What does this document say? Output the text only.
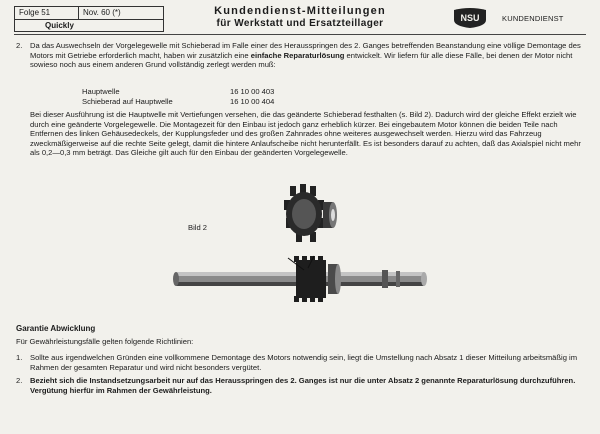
Folge 51	Nov. 60 (*)
Quickly
Kundendienst-Mitteilungen
für Werkstatt und Ersatzteillager	NSU	KUNDENDIENST
2. Da das Auswechseln der Vorgelegewelle mit Schieberad im Falle einer des Herausspringen des 2. Ganges betreffenden Beanstandung eine völlige Demontage des Motors mit Getriebe erforderlich macht, haben wir zusätzlich eine einfache Reparaturlösung entwickelt. Wir liefern für alle diese Fälle, bei denen der Motor nicht sowieso noch aus einem anderen Grund vollständig zerlegt werden muß:
Hauptwelle	16 10 00 403
Schieberad auf Hauptwelle	16 10 00 404
Bei dieser Ausführung ist die Hauptwelle mit Vertiefungen versehen, die das geänderte Schieberad festhalten (s. Bild 2). Dadurch wird der gleiche Effekt erzielt wie durch eine geänderte Vorgelegewelle. Die Montagezeit für den Einbau ist jedoch ganz erheblich kürzer. Bei eingebautem Motor können die beiden Teile nach Entfernen des linken Gehäusedeckels, der Kupplungsfeder und des großen Zahnrades ohne weiteres ausgewechselt werden. Hierzu wird das Fahrzeug zweckmäßigerweise auf die rechte Seite gelegt, damit die hintere Anlaufscheibe nicht herunterfällt. Es ist besonders darauf zu achten, daß das Axialspiel nicht mehr als 0,2—0,3 mm beträgt. Das Gleiche gilt auch für den Einbau der geänderten Vorgelegewelle.
Bild 2
Garantie Abwicklung
Für Gewährleistungsfälle gelten folgende Richtlinien:
1. Sollte aus irgendwelchen Gründen eine vollkommene Demontage des Motors notwendig sein, liegt die Umstellung nach Absatz 1 dieser Mitteilung arbeitsmäßig im Rahmen der gesamten Reparatur und wird nicht besonders vergütet.
2. Bezieht sich die Instandsetzungsarbeit nur auf das Herausspringen des 2. Ganges ist nur die unter Absatz 2 genannte Reparaturlösung durchzuführen. Vergütung hierfür im Rahmen der Gewährleistung.
